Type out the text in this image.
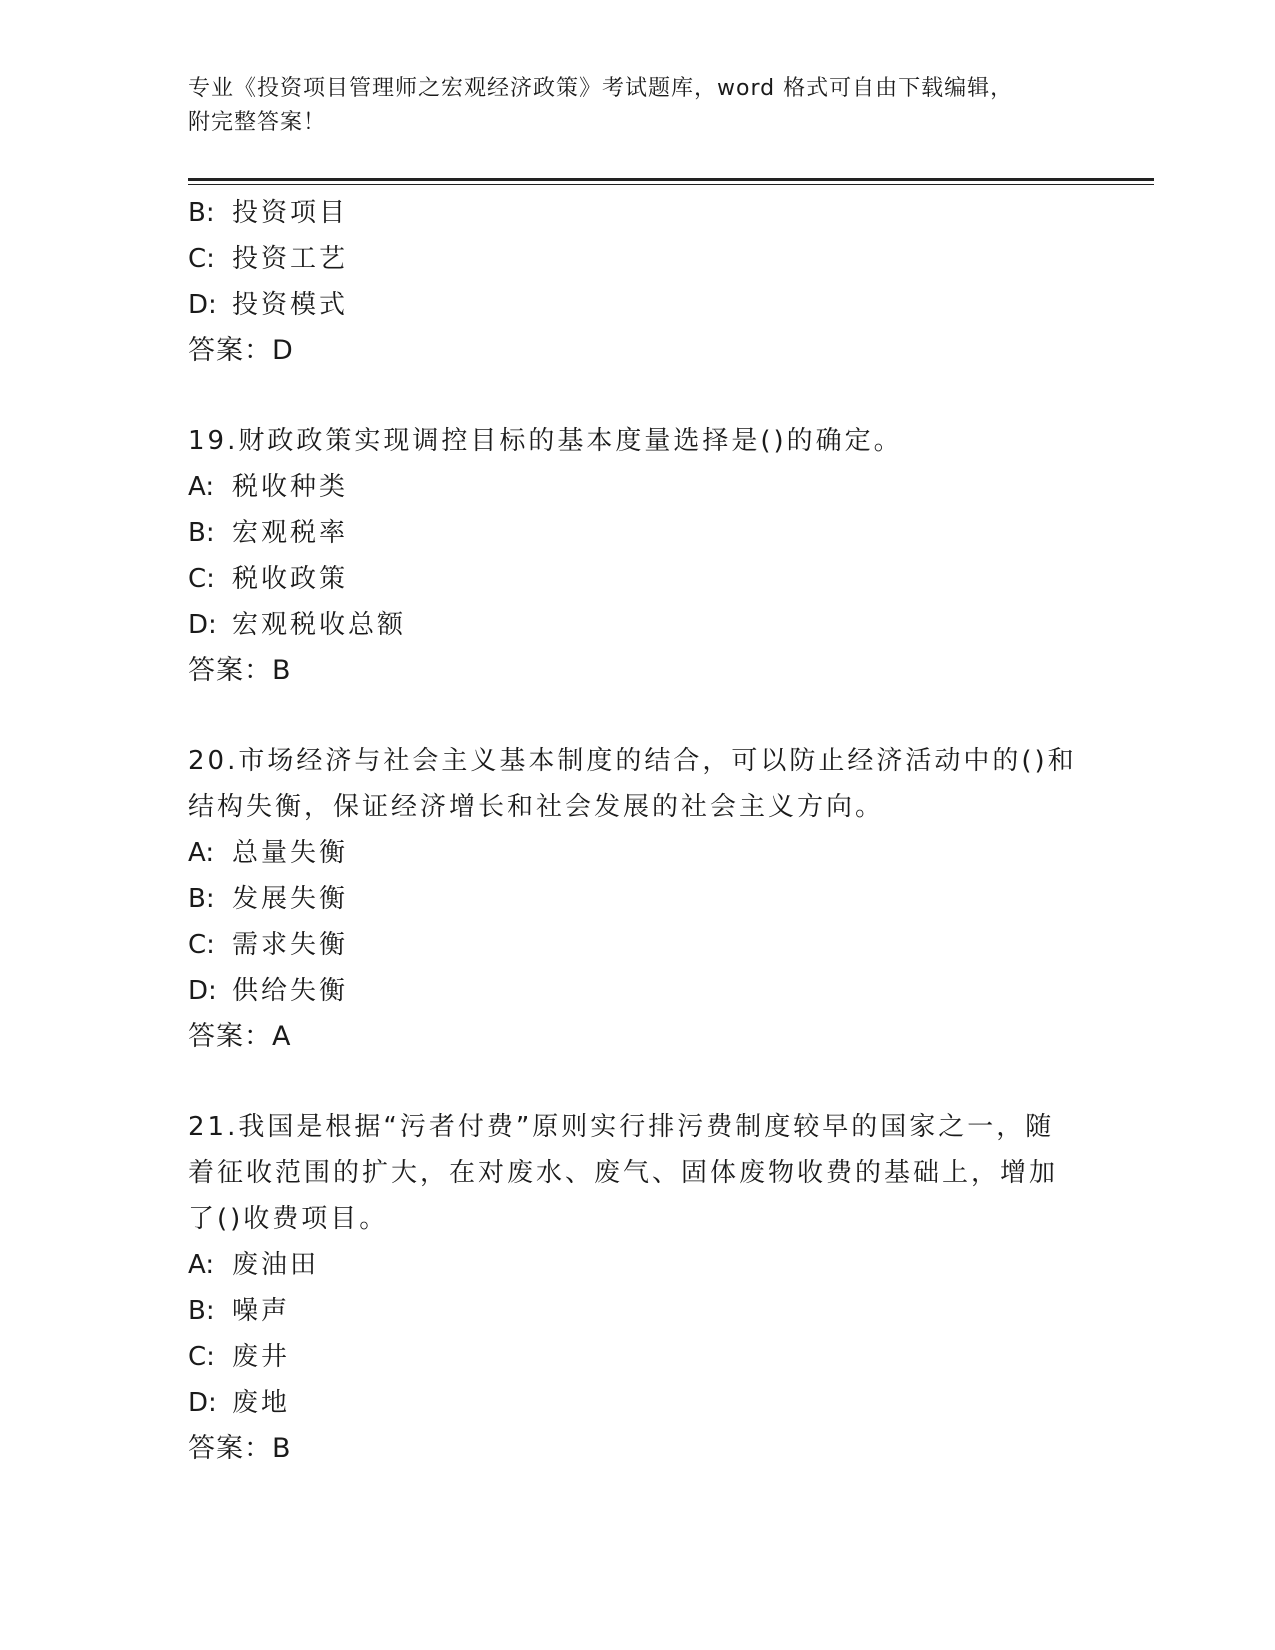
专业《投资项目管理师之宏观经济政策》考试题库，word 格式可自由下载编辑，
附完整答案！
B: 投资项目
C: 投资工艺
D: 投资模式
答案：D
19.财政政策实现调控目标的基本度量选择是()的确定。
A: 税收种类
B: 宏观税率
C: 税收政策
D: 宏观税收总额
答案：B
20.市场经济与社会主义基本制度的结合，可以防止经济活动中的()和
结构失衡，保证经济增长和社会发展的社会主义方向。
A: 总量失衡
B: 发展失衡
C: 需求失衡
D: 供给失衡
答案：A
21.我国是根据“污者付费”原则实行排污费制度较早的国家之一，随
着征收范围的扩大，在对废水、废气、固体废物收费的基础上，增加
了()收费项目。
A: 废油田
B: 噪声
C: 废井
D: 废地
答案：B
